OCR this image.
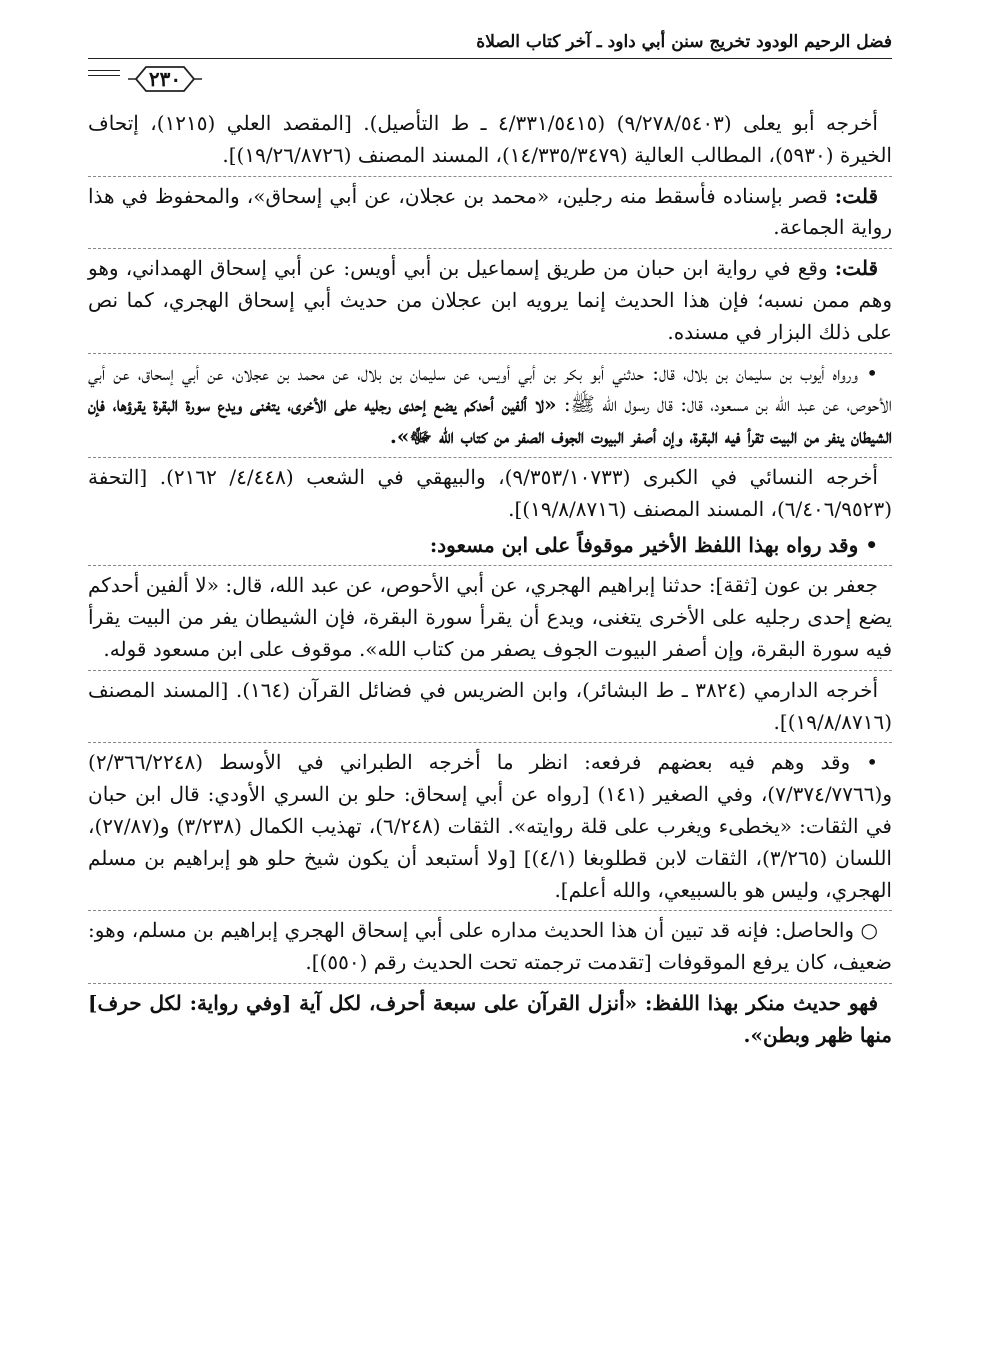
فضل الرحيم الودود تخريج سنن أبي داود ـ آخر كتاب الصلاة
٢٣٠

أخرجه أبو يعلى (٩/٢٧٨/٥٤٠٣) (٤/٣٣١/٥٤١٥ ـ ط التأصيل). [المقصد العلي (١٢١٥)، إتحاف الخيرة (٥٩٣٠)، المطالب العالية (١٤/٣٣٥/٣٤٧٩)، المسند المصنف (١٩/٢٦/٨٧٢٦)].

قلت: قصر بإسناده فأسقط منه رجلين، «محمد بن عجلان، عن أبي إسحاق»، والمحفوظ في هذا رواية الجماعة.

قلت: وقع في رواية ابن حبان من طريق إسماعيل بن أبي أويس: عن أبي إسحاق الهمداني، وهو وهم ممن نسبه؛ فإن هذا الحديث إنما يرويه ابن عجلان من حديث أبي إسحاق الهجري، كما نص على ذلك البزار في مسنده.

• ورواه أيوب بن سليمان بن بلال، قال: حدثني أبو بكر بن أبي أويس، عن سليمان بن بلال، عن محمد بن عجلان، عن أبي إسحاق، عن أبي الأحوص، عن عبد الله بن مسعود، قال: قال رسول الله ﷺ: «لا ألفين أحدكم يضع إحدى رجليه على الأخرى، يتغنى ويدع سورة البقرة يقرؤها، فإن الشيطان ينفر من البيت تقرأ فيه البقرة، وإن أصفر البيوت الجوف الصفر من كتاب الله ﷻ».

أخرجه النسائي في الكبرى (٩/٣٥٣/١٠٧٣٣)، والبيهقي في الشعب (٤/٤٤٨/ ٢١٦٢). [التحفة (٦/٤٠٦/٩٥٢٣)، المسند المصنف (١٩/٨/٨٧١٦)].

• وقد رواه بهذا اللفظ الأخير موقوفاً على ابن مسعود:

جعفر بن عون [ثقة]: حدثنا إبراهيم الهجري، عن أبي الأحوص، عن عبد الله، قال: «لا ألفين أحدكم يضع إحدى رجليه على الأخرى يتغنى، ويدع أن يقرأ سورة البقرة، فإن الشيطان يفر من البيت يقرأ فيه سورة البقرة، وإن أصفر البيوت الجوف يصفر من كتاب الله». موقوف على ابن مسعود قوله.

أخرجه الدارمي (٣٨٢٤ ـ ط البشائر)، وابن الضريس في فضائل القرآن (١٦٤). [المسند المصنف (١٩/٨/٨٧١٦)].

• وقد وهم فيه بعضهم فرفعه: انظر ما أخرجه الطبراني في الأوسط (٢/٣٦٦/٢٢٤٨) و(٧/٣٧٤/٧٧٦٦)، وفي الصغير (١٤١) [رواه عن أبي إسحاق: حلو بن السري الأودي: قال ابن حبان في الثقات: «يخطىء ويغرب على قلة روايته». الثقات (٦/٢٤٨)، تهذيب الكمال (٣/٢٣٨) و(٢٧/٨٧)، اللسان (٣/٢٦٥)، الثقات لابن قطلوبغا (٤/١)] [ولا أستبعد أن يكون شيخ حلو هو إبراهيم بن مسلم الهجري، وليس هو بالسبيعي، والله أعلم].

○ والحاصل: فإنه قد تبين أن هذا الحديث مداره على أبي إسحاق الهجري إبراهيم بن مسلم، وهو: ضعيف، كان يرفع الموقوفات [تقدمت ترجمته تحت الحديث رقم (٥٥٠)].

فهو حديث منكر بهذا اللفظ: «أنزل القرآن على سبعة أحرف، لكل آية [وفي رواية: لكل حرف] منها ظهر وبطن».
